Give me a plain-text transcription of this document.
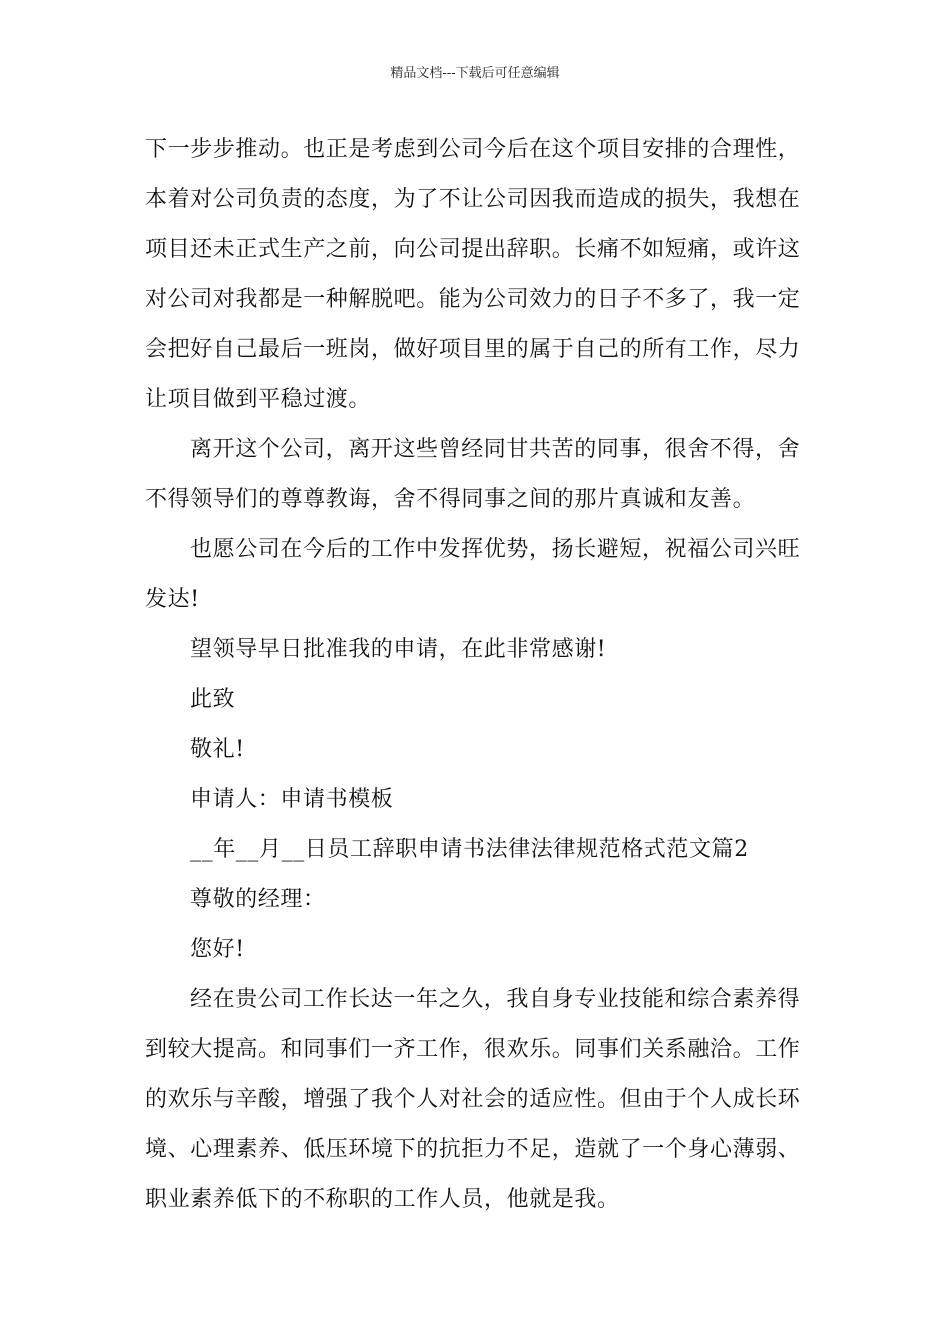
精品文档---下载后可任意编辑
下一步步推动。也正是考虑到公司今后在这个项目安排的合理性，
本着对公司负责的态度，为了不让公司因我而造成的损失，我想在
项目还未正式生产之前，向公司提出辞职。长痛不如短痛，或许这
对公司对我都是一种解脱吧。能为公司效力的日子不多了，我一定
会把好自己最后一班岗，做好项目里的属于自己的所有工作，尽力
让项目做到平稳过渡。
离开这个公司，离开这些曾经同甘共苦的同事，很舍不得，舍
不得领导们的尊尊教诲，舍不得同事之间的那片真诚和友善。
也愿公司在今后的工作中发挥优势，扬长避短，祝福公司兴旺
发达!
望领导早日批准我的申请，在此非常感谢!
此致
敬礼!
申请人：申请书模板
__年__月__日员工辞职申请书法律法律规范格式范文篇2
尊敬的经理：
您好!
经在贵公司工作长达一年之久，我自身专业技能和综合素养得
到较大提高。和同事们一齐工作，很欢乐。同事们关系融洽。工作
的欢乐与辛酸，增强了我个人对社会的适应性。但由于个人成长环
境、心理素养、低压环境下的抗拒力不足，造就了一个身心薄弱、
职业素养低下的不称职的工作人员，他就是我。
